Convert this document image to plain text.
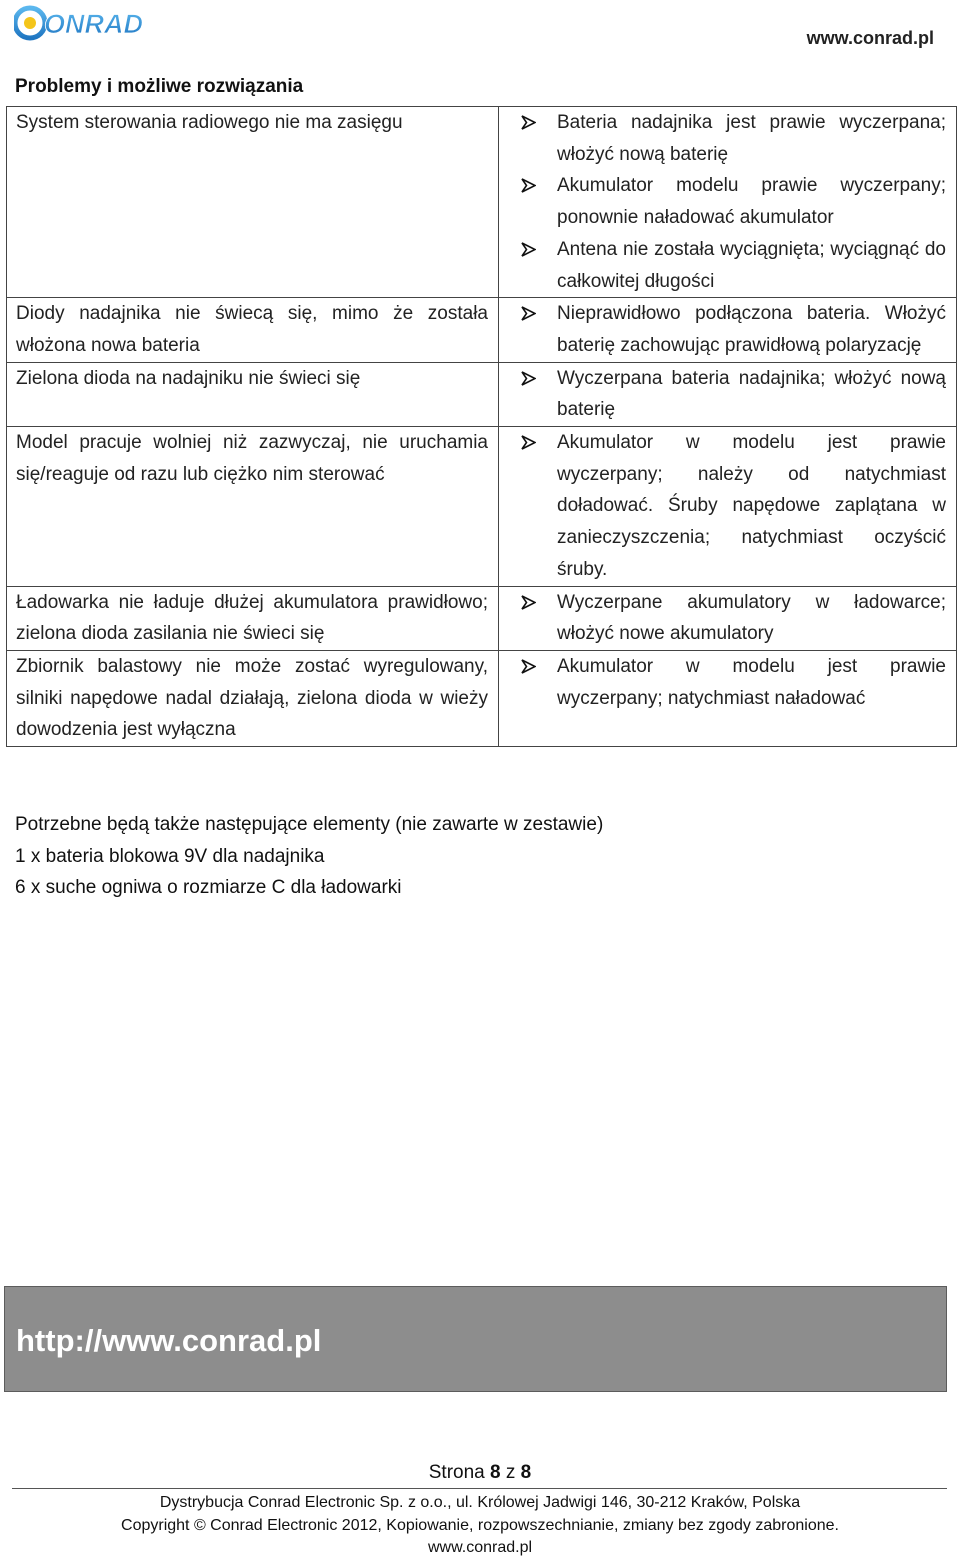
ONRAD	www.conrad.pl
Problemy i możliwe rozwiązania
System sterowania radiowego nie ma zasięgu	Bateria nadajnika jest prawie wyczerpana; włożyć nową baterię
Akumulator modelu prawie wyczerpany; ponownie naładować akumulator
Antena nie została wyciągnięta; wyciągnąć do całkowitej długości

Diody nadajnika nie świecą się, mimo że została włożona nowa bateria	Nieprawidłowo podłączona bateria. Włożyć baterię zachowując prawidłową polaryzację

Zielona dioda na nadajniku nie świeci się	Wyczerpana bateria nadajnika; włożyć nową baterię

Model pracuje wolniej niż zazwyczaj, nie uruchamia się/reaguje od razu lub ciężko nim sterować	Akumulator w modelu jest prawie wyczerpany; należy od natychmiast doładować. Śruby napędowe zaplątana w zanieczyszczenia; natychmiast oczyścić śruby.

Ładowarka nie ładuje dłużej akumulatora prawidłowo; zielona dioda zasilania nie świeci się	Wyczerpane akumulatory w ładowarce; włożyć nowe akumulatory

Zbiornik balastowy nie może zostać wyregulowany, silniki napędowe nadal działają, zielona dioda w wieży dowodzenia jest wyłączna	Akumulator w modelu jest prawie wyczerpany; natychmiast naładować
Potrzebne będą także następujące elementy (nie zawarte w zestawie)
1 x bateria blokowa 9V dla nadajnika
6 x suche ogniwa o rozmiarze C dla ładowarki
http://www.conrad.pl
Strona 8 z 8
Dystrybucja Conrad Electronic Sp. z o.o., ul. Królowej Jadwigi 146, 30-212 Kraków, Polska
Copyright © Conrad Electronic 2012, Kopiowanie, rozpowszechnianie, zmiany bez zgody zabronione.
www.conrad.pl
